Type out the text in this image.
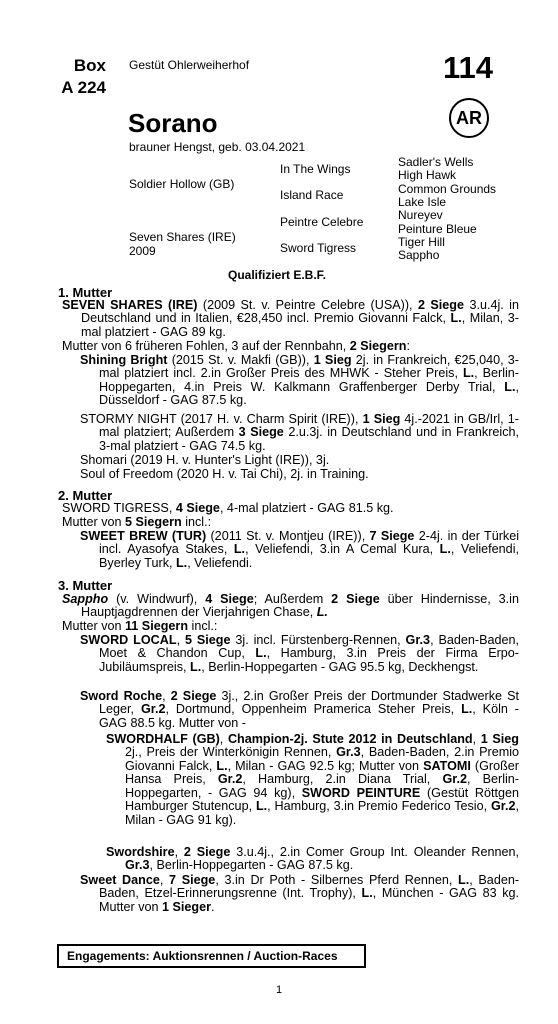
Box
A 224
Gestüt Ohlerweiherhof	114
Sorano	AR
brauner Hengst, geb. 03.04.2021
Soldier Hollow (GB)
Seven Shares (IRE)
2009
In The Wings
Island Race
Peintre Celebre
Sword Tigress
Sadler's Wells
High Hawk
Common Grounds
Lake Isle
Nureyev
Peinture Bleue
Tiger Hill
Sappho
Qualifiziert E.B.F.
1. Mutter
SEVEN SHARES (IRE) (2009 St. v. Peintre Celebre (USA)), 2 Siege 3.u.4j. in Deutschland und in Italien, €28,450 incl. Premio Giovanni Falck, L., Milan, 3-mal platziert - GAG 89 kg.
Mutter von 6 früheren Fohlen, 3 auf der Rennbahn, 2 Siegern:
Shining Bright (2015 St. v. Makfi (GB)), 1 Sieg 2j. in Frankreich, €25,040, 3-mal platziert incl. 2.in Großer Preis des MHWK - Steher Preis, L., Berlin-Hoppegarten, 4.in Preis W. Kalkmann Graffenberger Derby Trial, L., Düsseldorf - GAG 87.5 kg.
STORMY NIGHT (2017 H. v. Charm Spirit (IRE)), 1 Sieg 4j.-2021 in GB/Irl, 1-mal platziert; Außerdem 3 Siege 2.u.3j. in Deutschland und in Frankreich, 3-mal platziert - GAG 74.5 kg.
Shomari (2019 H. v. Hunter's Light (IRE)), 3j.
Soul of Freedom (2020 H. v. Tai Chi), 2j. in Training.
2. Mutter
SWORD TIGRESS, 4 Siege, 4-mal platziert - GAG 81.5 kg.
Mutter von 5 Siegern incl.:
SWEET BREW (TUR) (2011 St. v. Montjeu (IRE)), 7 Siege 2-4j. in der Türkei incl. Ayasofya Stakes, L., Veliefendi, 3.in A Cemal Kura, L., Veliefendi, Byerley Turk, L., Veliefendi.
3. Mutter
Sappho (v. Windwurf), 4 Siege; Außerdem 2 Siege über Hindernisse, 3.in Hauptjagdrennen der Vierjahrigen Chase, L.
Mutter von 11 Siegern incl.:
SWORD LOCAL, 5 Siege 3j. incl. Fürstenberg-Rennen, Gr.3, Baden-Baden, Moet & Chandon Cup, L., Hamburg, 3.in Preis der Firma Erpo-Jubiläumspreis, L., Berlin-Hoppegarten - GAG 95.5 kg, Deckhengst.
Sword Roche, 2 Siege 3j., 2.in Großer Preis der Dortmunder Stadwerke St Leger, Gr.2, Dortmund, Oppenheim Pramerica Steher Preis, L., Köln - GAG 88.5 kg. Mutter von -
SWORDHALF (GB), Champion-2j. Stute 2012 in Deutschland, 1 Sieg 2j., Preis der Winterkönigin Rennen, Gr.3, Baden-Baden, 2.in Premio Giovanni Falck, L., Milan - GAG 92.5 kg; Mutter von SATOMI (Großer Hansa Preis, Gr.2, Hamburg, 2.in Diana Trial, Gr.2, Berlin-Hoppegarten, - GAG 94 kg), SWORD PEINTURE (Gestüt Röttgen Hamburger Stutencup, L., Hamburg, 3.in Premio Federico Tesio, Gr.2, Milan - GAG 91 kg).
Swordshire, 2 Siege 3.u.4j., 2.in Comer Group Int. Oleander Rennen, Gr.3, Berlin-Hoppegarten - GAG 87.5 kg.
Sweet Dance, 7 Siege, 3.in Dr Poth - Silbernes Pferd Rennen, L., Baden-Baden, Etzel-Erinnerungsrenne (Int. Trophy), L., München - GAG 83 kg. Mutter von 1 Sieger.
Engagements: Auktionsrennen / Auction-Races
1
